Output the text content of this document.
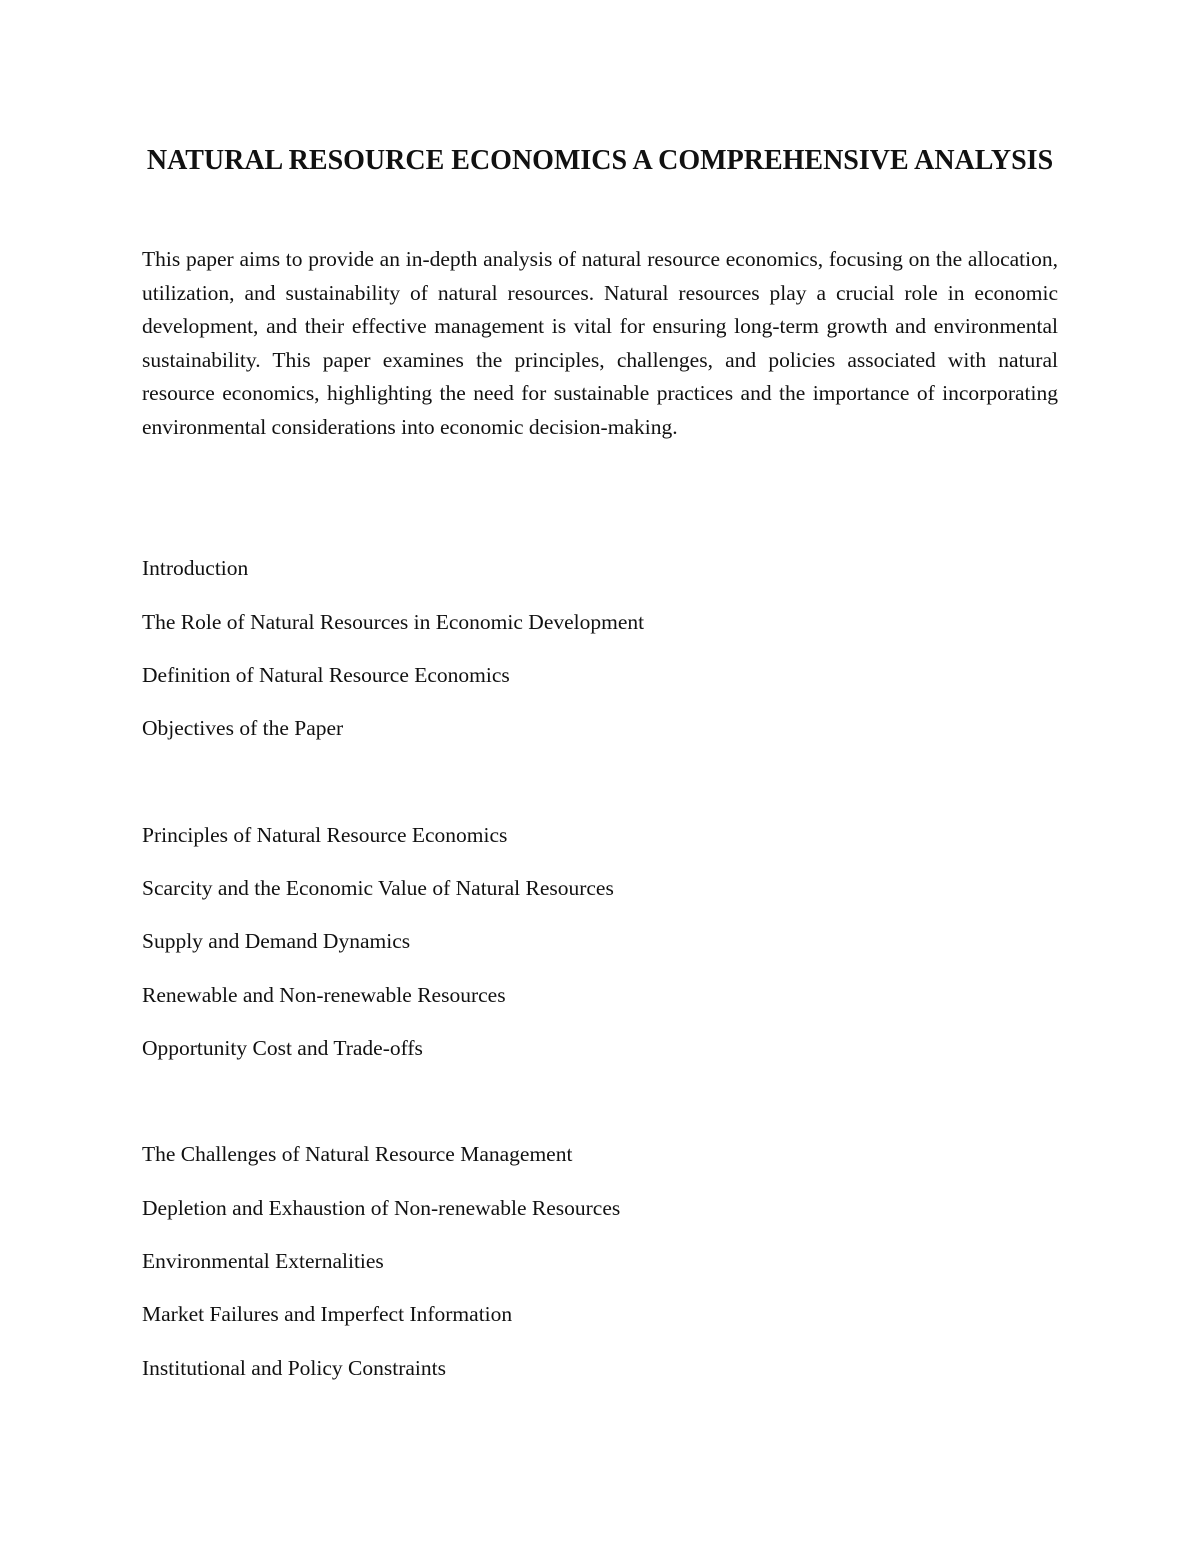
NATURAL RESOURCE ECONOMICS A COMPREHENSIVE ANALYSIS

This paper aims to provide an in-depth analysis of natural resource economics, focusing on the allocation, utilization, and sustainability of natural resources. Natural resources play a crucial role in economic development, and their effective management is vital for ensuring long-term growth and environmental sustainability. This paper examines the principles, challenges, and policies associated with natural resource economics, highlighting the need for sustainable practices and the importance of incorporating environmental considerations into economic decision-making.

Introduction

The Role of Natural Resources in Economic Development

Definition of Natural Resource Economics

Objectives of the Paper

Principles of Natural Resource Economics

Scarcity and the Economic Value of Natural Resources

Supply and Demand Dynamics

Renewable and Non-renewable Resources

Opportunity Cost and Trade-offs

The Challenges of Natural Resource Management

Depletion and Exhaustion of Non-renewable Resources

Environmental Externalities

Market Failures and Imperfect Information

Institutional and Policy Constraints
